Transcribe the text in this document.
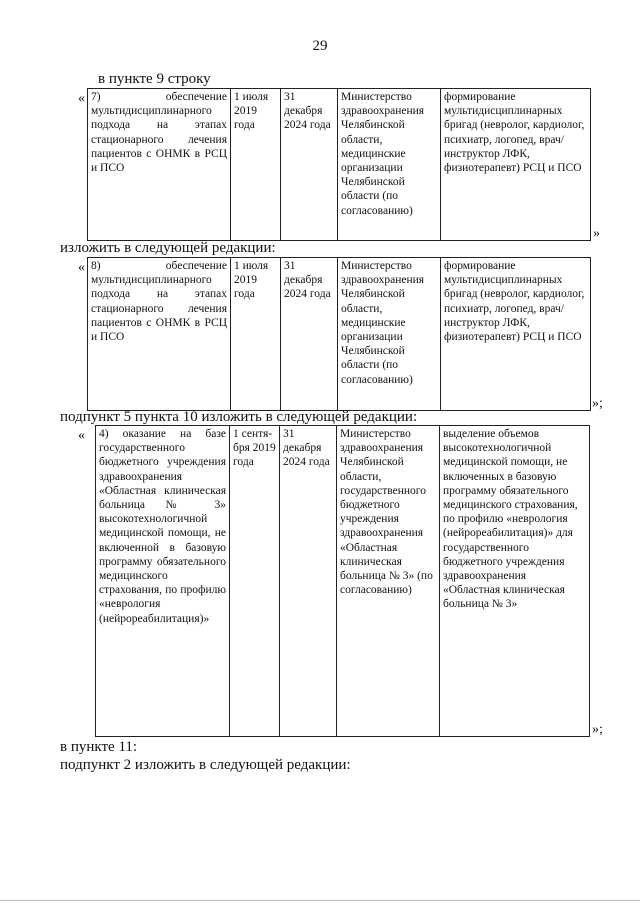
29
в пункте 9 строку
« 7) обеспечение мультидисциплинарного подхода на этапах стационарного лечения пациентов с ОНМК в РСЦ и ПСО	1 июля 2019 года	31 декабря 2024 года	Министерство здравоохранения Челябинской области, медицинские организации Челябинской области (по согласованию)	формирование мультидисциплинарных бригад (невролог, кардиолог, психиатр, логопед, врач/инструктор ЛФК, физиотерапевт) РСЦ и ПСО
»
изложить в следующей редакции:
« 8) обеспечение мультидисциплинарного подхода на этапах стационарного лечения пациентов с ОНМК в РСЦ и ПСО	1 июля 2019 года	31 декабря 2024 года	Министерство здравоохранения Челябинской области, медицинские организации Челябинской области (по согласованию)	формирование мультидисциплинарных бригад (невролог, кардиолог, психиатр, логопед, врач/инструктор ЛФК, физиотерапевт) РСЦ и ПСО
»;
подпункт 5 пункта 10 изложить в следующей редакции:
« 4) оказание на базе государственного бюджетного учреждения здравоохранения «Областная клиническая больница № 3» высокотехнологичной медицинской помощи, не включенной в базовую программу обязательного медицинского страхования, по профилю «неврология (нейрореабилитация)»	1 сентября 2019 года	31 декабря 2024 года	Министерство здравоохранения Челябинской области, государственного бюджетного учреждения здравоохранения «Областная клиническая больница № 3» (по согласованию)	выделение объемов высокотехнологичной медицинской помощи, не включенных в базовую программу обязательного медицинского страхования, по профилю «неврология (нейрореабилитация)» для государственного бюджетного учреждения здравоохранения «Областная клиническая больница № 3»
»;
в пункте 11:
подпункт 2 изложить в следующей редакции:
